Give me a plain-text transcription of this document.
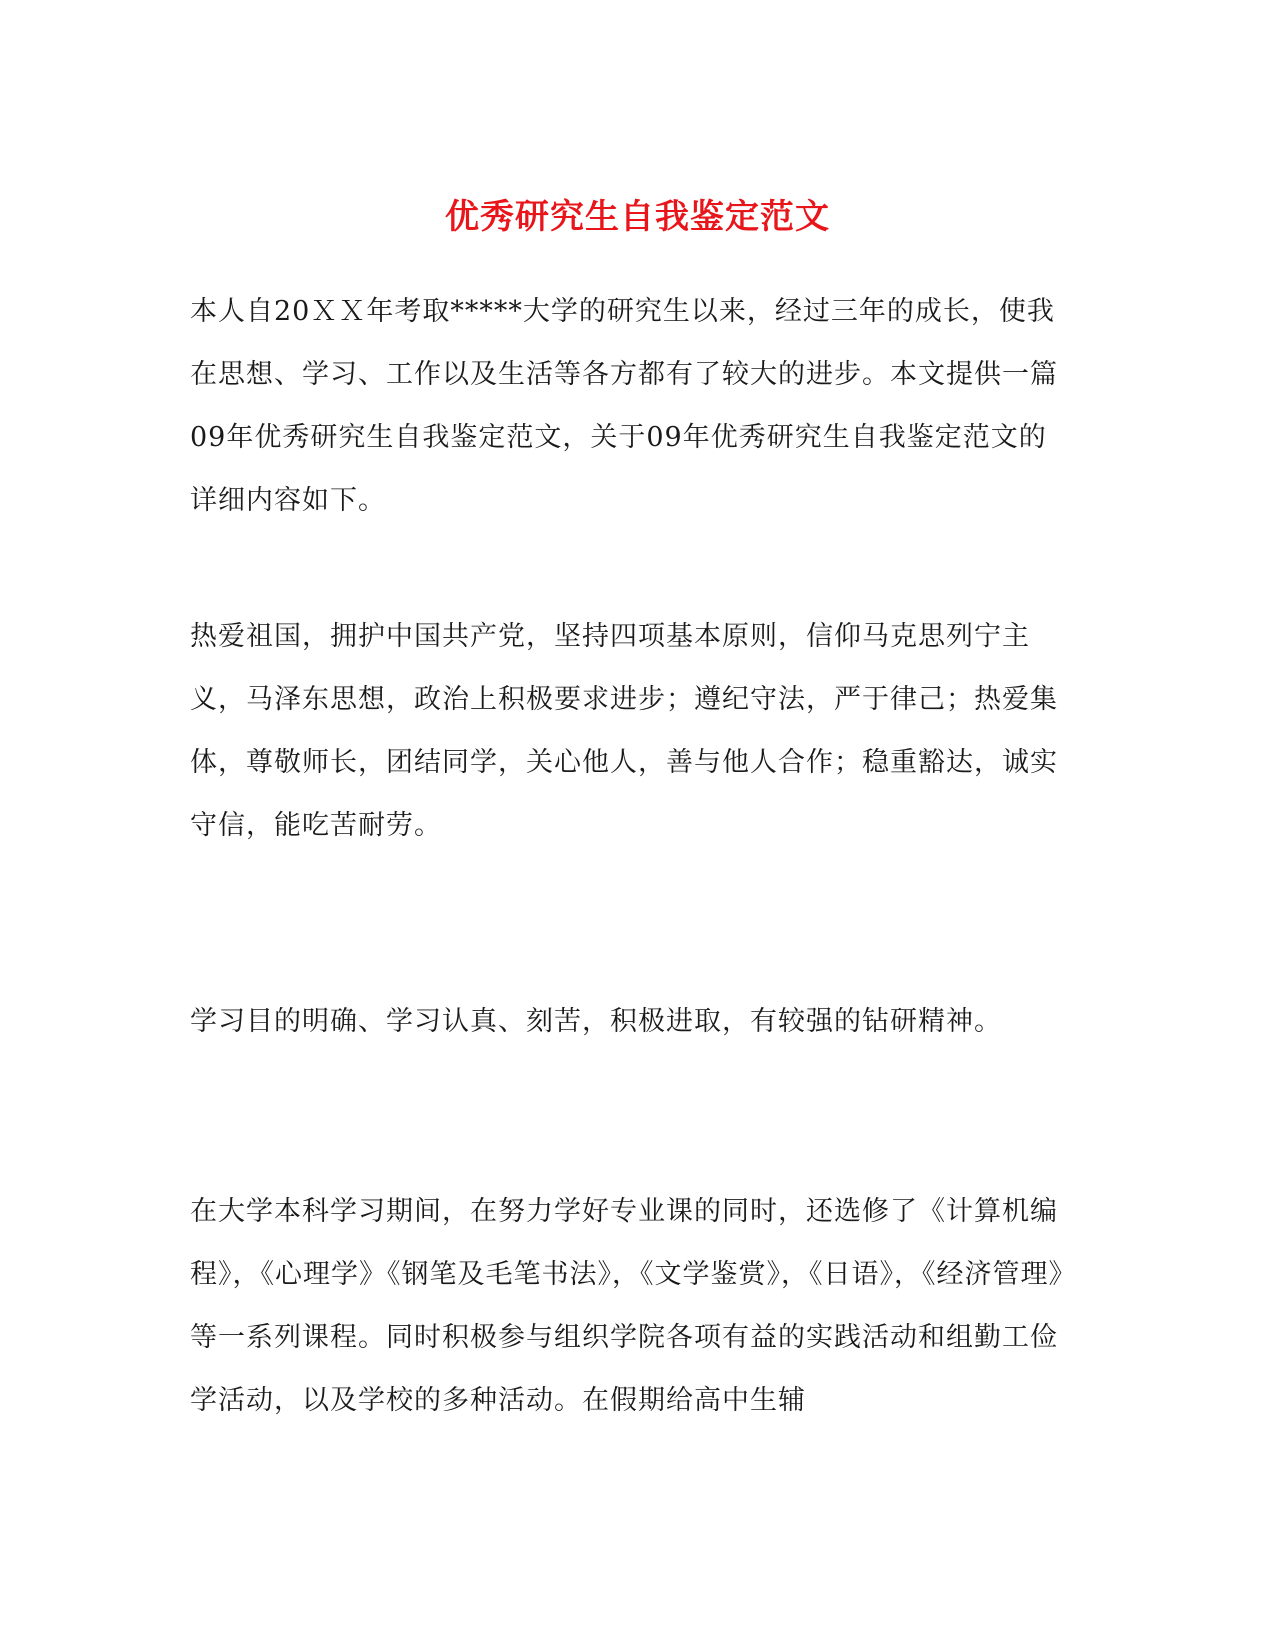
优秀研究生自我鉴定范文

本人自20ＸＸ年考取*****大学的研究生以来，经过三年的成长，使我在思想、学习、工作以及生活等各方都有了较大的进步。本文提供一篇09年优秀研究生自我鉴定范文，关于09年优秀研究生自我鉴定范文的详细内容如下。

热爱祖国，拥护中国共产党，坚持四项基本原则，信仰马克思列宁主义，马泽东思想，政治上积极要求进步；遵纪守法，严于律己；热爱集体，尊敬师长，团结同学，关心他人，善与他人合作；稳重豁达，诚实守信，能吃苦耐劳。

学习目的明确、学习认真、刻苦，积极进取，有较强的钻研精神。

在大学本科学习期间，在努力学好专业课的同时，还选修了《计算机编程》，《心理学》《钢笔及毛笔书法》，《文学鉴赏》，《日语》，《经济管理》等一系列课程。同时积极参与组织学院各项有益的实践活动和组勤工俭学活动，以及学校的多种活动。在假期给高中生辅
